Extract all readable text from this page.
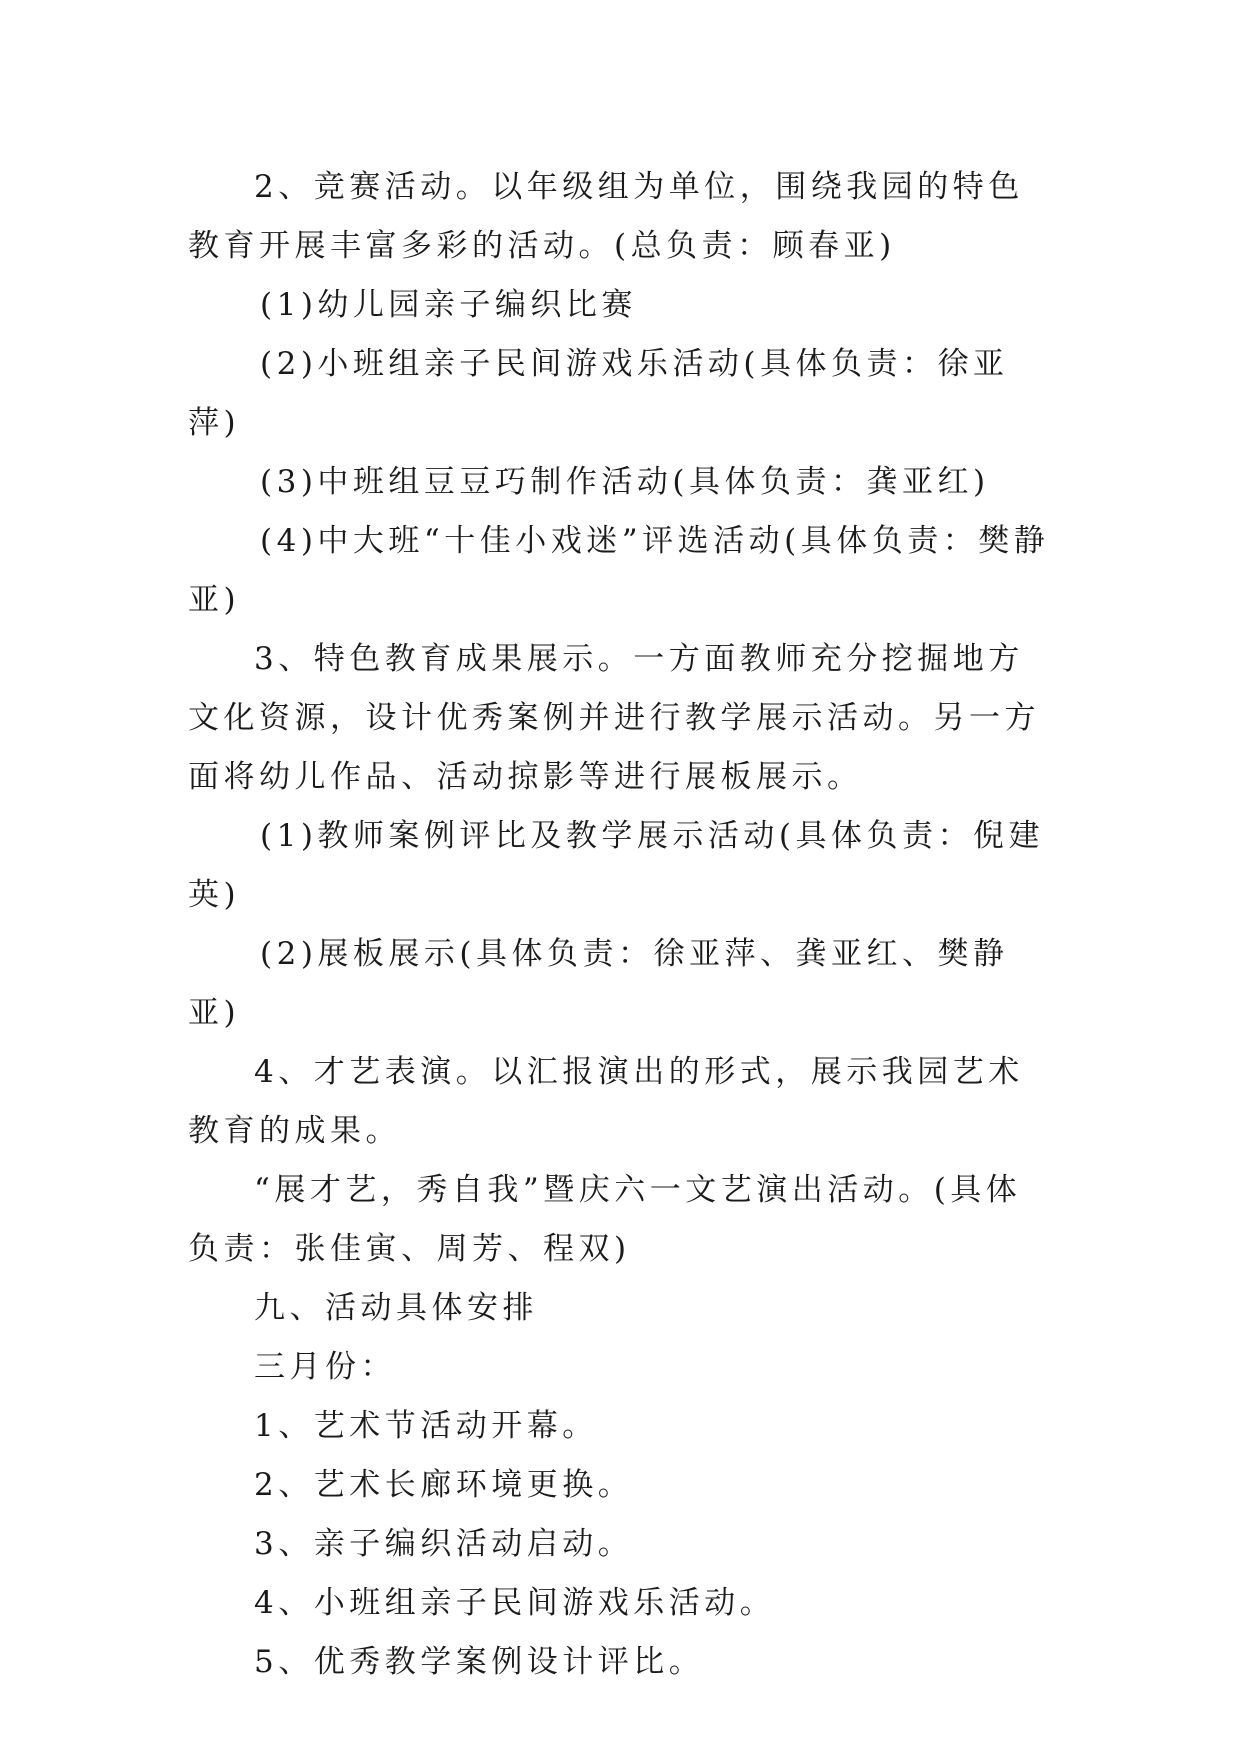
2、竞赛活动。以年级组为单位，围绕我园的特色教育开展丰富多彩的活动。(总负责：顾春亚)

(1)幼儿园亲子编织比赛

(2)小班组亲子民间游戏乐活动(具体负责：徐亚萍)

(3)中班组豆豆巧制作活动(具体负责：龚亚红)

(4)中大班“十佳小戏迷”评选活动(具体负责：樊静亚)

3、特色教育成果展示。一方面教师充分挖掘地方文化资源，设计优秀案例并进行教学展示活动。另一方面将幼儿作品、活动掠影等进行展板展示。

(1)教师案例评比及教学展示活动(具体负责：倪建英)

(2)展板展示(具体负责：徐亚萍、龚亚红、樊静亚)

4、才艺表演。以汇报演出的形式，展示我园艺术教育的成果。

“展才艺，秀自我”暨庆六一文艺演出活动。(具体负责：张佳寅、周芳、程双)

九、活动具体安排

三月份：

1、艺术节活动开幕。

2、艺术长廊环境更换。

3、亲子编织活动启动。

4、小班组亲子民间游戏乐活动。

5、优秀教学案例设计评比。
